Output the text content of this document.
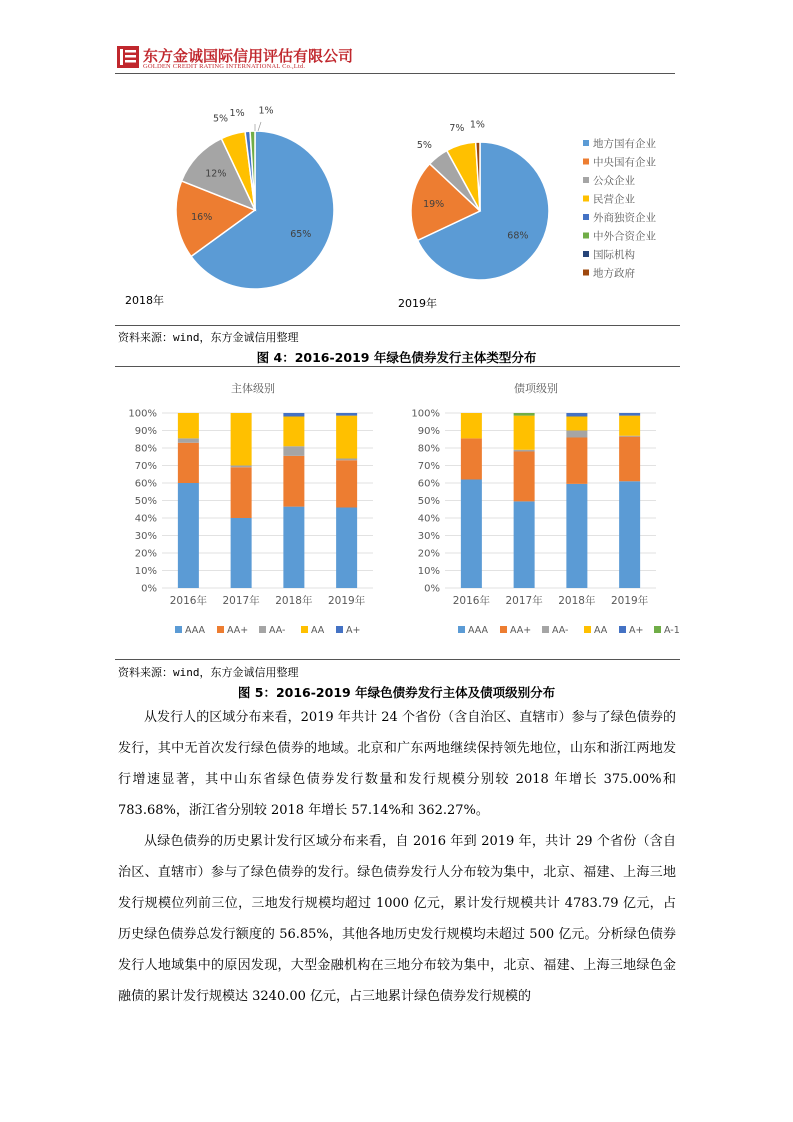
东方金诚国际信用评估有限公司
GOLDEN CREDIT RATING INTERNATIONAL Co.,Ltd.
65%
16%
12%
5% 1% 1%
68%
19%
5%
7% 1%
2018年	2019年
地方国有企业
中央国有企业
公众企业
民营企业
外商独资企业
中外合资企业
国际机构
地方政府
资料来源：wind，东方金诚信用整理
图 4：2016-2019 年绿色债券发行主体类型分布
主体级别
0%
10%
20%
30%
40%
50%
60%
70%
80%
90%
100%
2016年 2017年 2018年 2019年
AAA AA+ AA-	AA A+
债项级别
0%
10%
20%
30%
40%
50%
60%
70%
80%
90%
100%
2016年 2017年 2018年 2019年
AAA AA+ AA-	AA A+ A-1
资料来源：wind，东方金诚信用整理
图 5：2016-2019 年绿色债券发行主体及债项级别分布

从发行人的区域分布来看，2019 年共计 24 个省份（含自治区、直辖市）参与了绿色债券的发行，其中无首次发行绿色债券的地域。北京和广东两地继续保持领先地位，山东和浙江两地发行增速显著，其中山东省绿色债券发行数量和发行规模分别较 2018 年增长 375.00%和 783.68%，浙江省分别较 2018 年增长 57.14%和 362.27%。

从绿色债券的历史累计发行区域分布来看，自 2016 年到 2019 年，共计 29 个省份（含自治区、直辖市）参与了绿色债券的发行。绿色债券发行人分布较为集中，北京、福建、上海三地发行规模位列前三位，三地发行规模均超过 1000 亿元，累计发行规模共计 4783.79 亿元，占历史绿色债券总发行额度的 56.85%，其他各地历史发行规模均未超过 500 亿元。分析绿色债券发行人地域集中的原因发现，大型金融机构在三地分布较为集中，北京、福建、上海三地绿色金融债的累计发行规模达 3240.00 亿元，占三地累计绿色债券发行规模的
